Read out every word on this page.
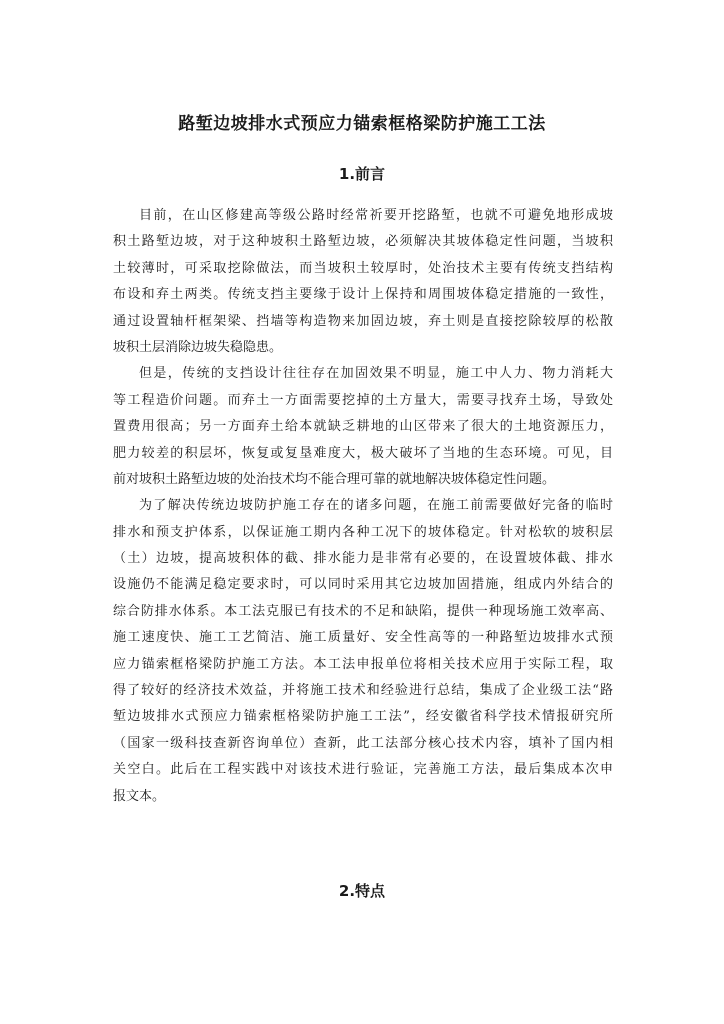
路堑边坡排水式预应力锚索框格梁防护施工工法
1.前言
目前，在山区修建高等级公路时经常祈要开挖路堑，也就不可避免地形成坡
积土路堑边坡，对于这种坡积土路堑边坡，必须解决其坡体稳定性问题，当坡积
土较薄时，可采取挖除做法，而当坡积土较厚时，处治技术主要有传统支挡结构
布设和弃土两类。传统支挡主要缘于设计上保持和周围坡体稳定措施的一致性，
通过设置轴杆框架梁、挡墙等构造物来加固边坡，弃土则是直接挖除较厚的松散
坡积土层消除边坡失稳隐患。
但是，传统的支挡设计往往存在加固效果不明显，施工中人力、物力消耗大
等工程造价问题。而弃土一方面需要挖掉的土方量大，需要寻找弃土场，导致处
置费用很高；另一方面弃土给本就缺乏耕地的山区带来了很大的土地资源压力，
肥力较差的积层坏，恢复或复垦难度大，极大破坏了当地的生态环境。可见，目
前对坡积土路堑边坡的处治技术均不能合理可靠的就地解决坡体稳定性问题。
为了解决传统边坡防护施工存在的诸多问题，在施工前需要做好完备的临时
排水和预支护体系，以保证施工期内各种工况下的坡体稳定。针对松软的坡积层
（土）边坡，提高坡积体的截、排水能力是非常有必要的，在设置坡体截、排水
设施仍不能满足稳定要求时，可以同时采用其它边坡加固措施，组成内外结合的
综合防排水体系。本工法克服已有技术的不足和缺陷，提供一种现场施工效率高、
施工速度快、施工工艺简洁、施工质量好、安全性高等的一种路堑边坡排水式预
应力锚索框格梁防护施工方法。本工法申报单位将相关技术应用于实际工程，取
得了较好的经济技术效益，并将施工技术和经验进行总结，集成了企业级工法“路
堑边坡排水式预应力锚索框格梁防护施工工法”，经安徽省科学技术情报研究所
（国家一级科技查新咨询单位）查新，此工法部分核心技术内容，填补了国内相
关空白。此后在工程实践中对该技术进行验证，完善施工方法，最后集成本次申
报文本。
2.特点
